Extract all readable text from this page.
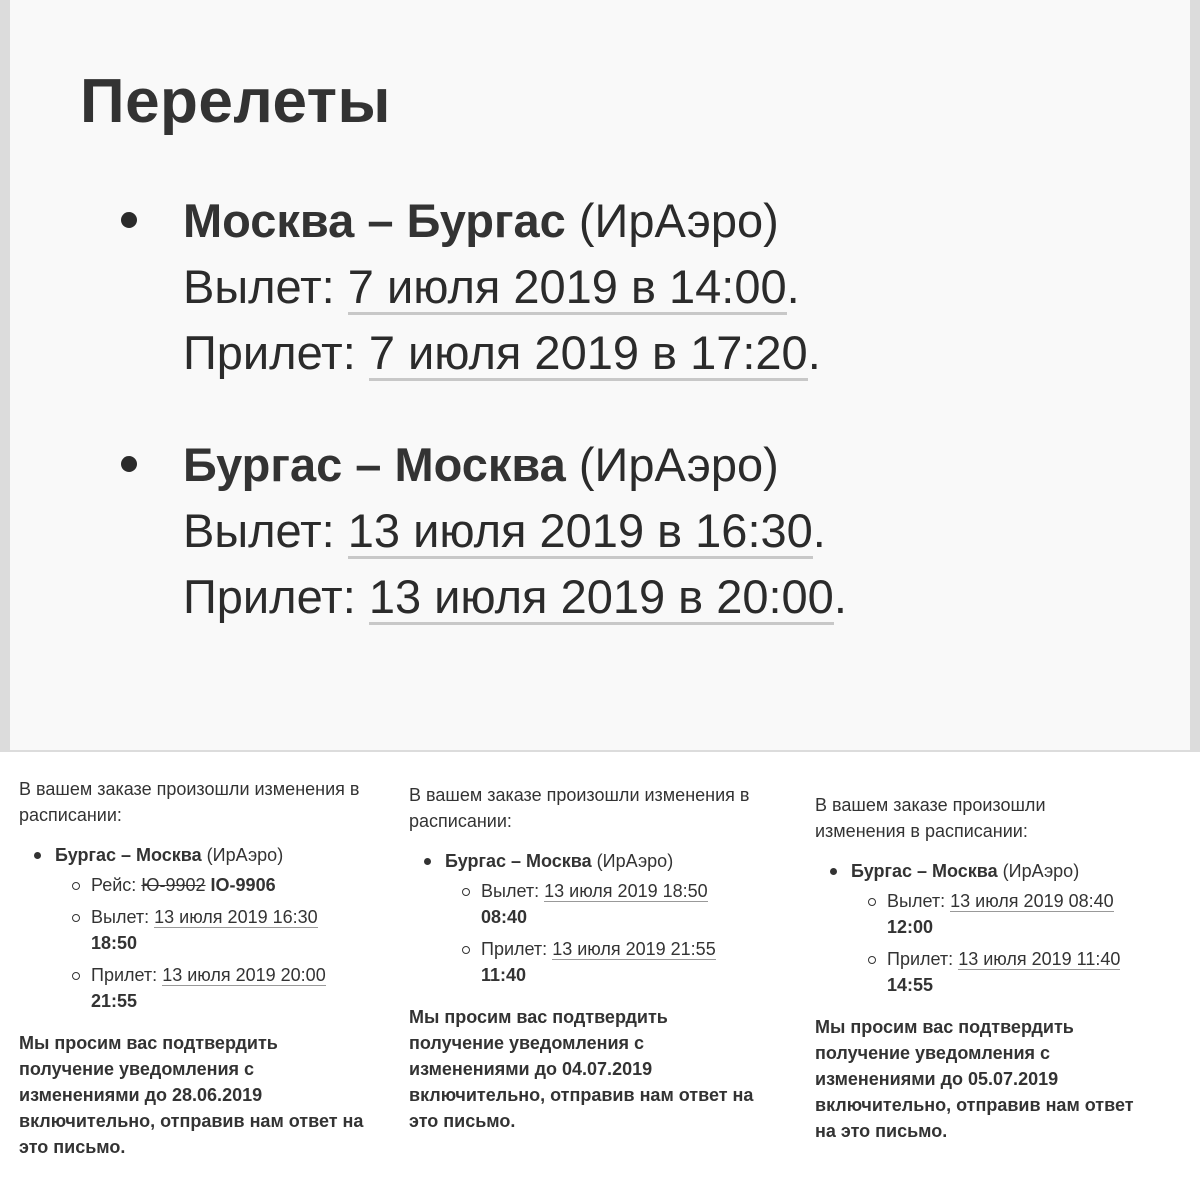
Перелеты
Москва – Бургас (ИрАэро)
Вылет: 7 июля 2019 в 14:00.
Прилет: 7 июля 2019 в 17:20.
Бургас – Москва (ИрАэро)
Вылет: 13 июля 2019 в 16:30.
Прилет: 13 июля 2019 в 20:00.

В вашем заказе произошли изменения в расписании:

Бургас – Москва (ИрАэро)
Рейс: Ю-9902 IO-9906
Вылет: 13 июля 2019 16:30
18:50
Прилет: 13 июля 2019 20:00
21:55

Мы просим вас подтвердить получение уведомления с изменениями до 28.06.2019 включительно, отправив нам ответ на это письмо.

В вашем заказе произошли изменения в расписании:

Бургас – Москва (ИрАэро)
Вылет: 13 июля 2019 18:50
08:40
Прилет: 13 июля 2019 21:55
11:40

Мы просим вас подтвердить получение уведомления с изменениями до 04.07.2019 включительно, отправив нам ответ на это письмо.

В вашем заказе произошли изменения в расписании:

Бургас – Москва (ИрАэро)
Вылет: 13 июля 2019 08:40
12:00
Прилет: 13 июля 2019 11:40
14:55

Мы просим вас подтвердить получение уведомления с изменениями до 05.07.2019 включительно, отправив нам ответ на это письмо.
